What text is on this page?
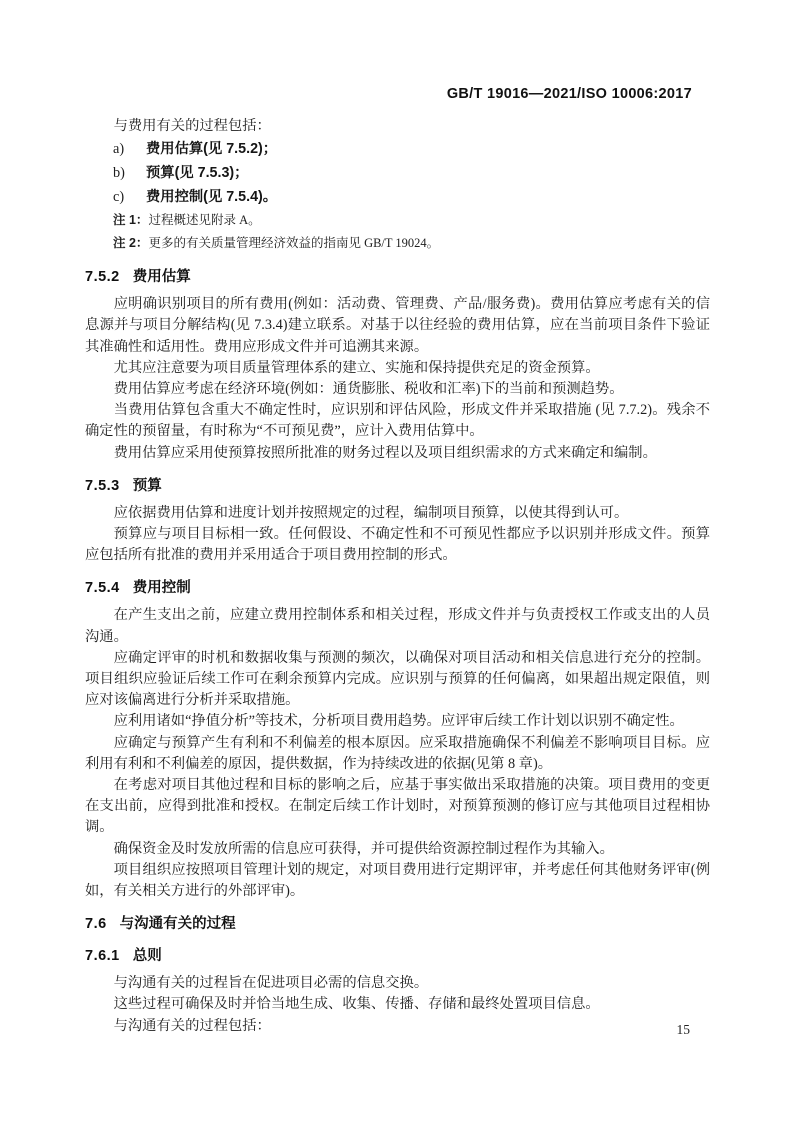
GB/T 19016—2021/ISO 10006:2017

与费用有关的过程包括：

a)	费用估算(见 7.5.2)；
b)	预算(见 7.5.3)；
c)	费用控制(见 7.5.4)。
注 1：过程概述见附录 A。
注 2：更多的有关质量管理经济效益的指南见 GB/T 19024。
7.5.2 费用估算

应明确识别项目的所有费用(例如：活动费、管理费、产品/服务费)。费用估算应考虑有关的信息源并与项目分解结构(见 7.3.4)建立联系。对基于以往经验的费用估算，应在当前项目条件下验证其准确性和适用性。费用应形成文件并可追溯其来源。

尤其应注意要为项目质量管理体系的建立、实施和保持提供充足的资金预算。

费用估算应考虑在经济环境(例如：通货膨胀、税收和汇率)下的当前和预测趋势。

当费用估算包含重大不确定性时，应识别和评估风险，形成文件并采取措施 (见 7.7.2)。残余不确定性的预留量，有时称为“不可预见费”，应计入费用估算中。

费用估算应采用使预算按照所批准的财务过程以及项目组织需求的方式来确定和编制。

7.5.3 预算

应依据费用估算和进度计划并按照规定的过程，编制项目预算，以使其得到认可。

预算应与项目目标相一致。任何假设、不确定性和不可预见性都应予以识别并形成文件。预算应包括所有批准的费用并采用适合于项目费用控制的形式。

7.5.4 费用控制

在产生支出之前，应建立费用控制体系和相关过程，形成文件并与负责授权工作或支出的人员沟通。

应确定评审的时机和数据收集与预测的频次，以确保对项目活动和相关信息进行充分的控制。项目组织应验证后续工作可在剩余预算内完成。应识别与预算的任何偏离，如果超出规定限值，则应对该偏离进行分析并采取措施。

应利用诸如“挣值分析”等技术，分析项目费用趋势。应评审后续工作计划以识别不确定性。

应确定与预算产生有利和不利偏差的根本原因。应采取措施确保不利偏差不影响项目目标。应利用有利和不利偏差的原因，提供数据，作为持续改进的依据(见第 8 章)。

在考虑对项目其他过程和目标的影响之后，应基于事实做出采取措施的决策。项目费用的变更在支出前，应得到批准和授权。在制定后续工作计划时，对预算预测的修订应与其他项目过程相协调。

确保资金及时发放所需的信息应可获得，并可提供给资源控制过程作为其输入。

项目组织应按照项目管理计划的规定，对项目费用进行定期评审，并考虑任何其他财务评审(例如，有关相关方进行的外部评审)。

7.6 与沟通有关的过程
7.6.1 总则

与沟通有关的过程旨在促进项目必需的信息交换。

这些过程可确保及时并恰当地生成、收集、传播、存储和最终处置项目信息。

与沟通有关的过程包括：	15
